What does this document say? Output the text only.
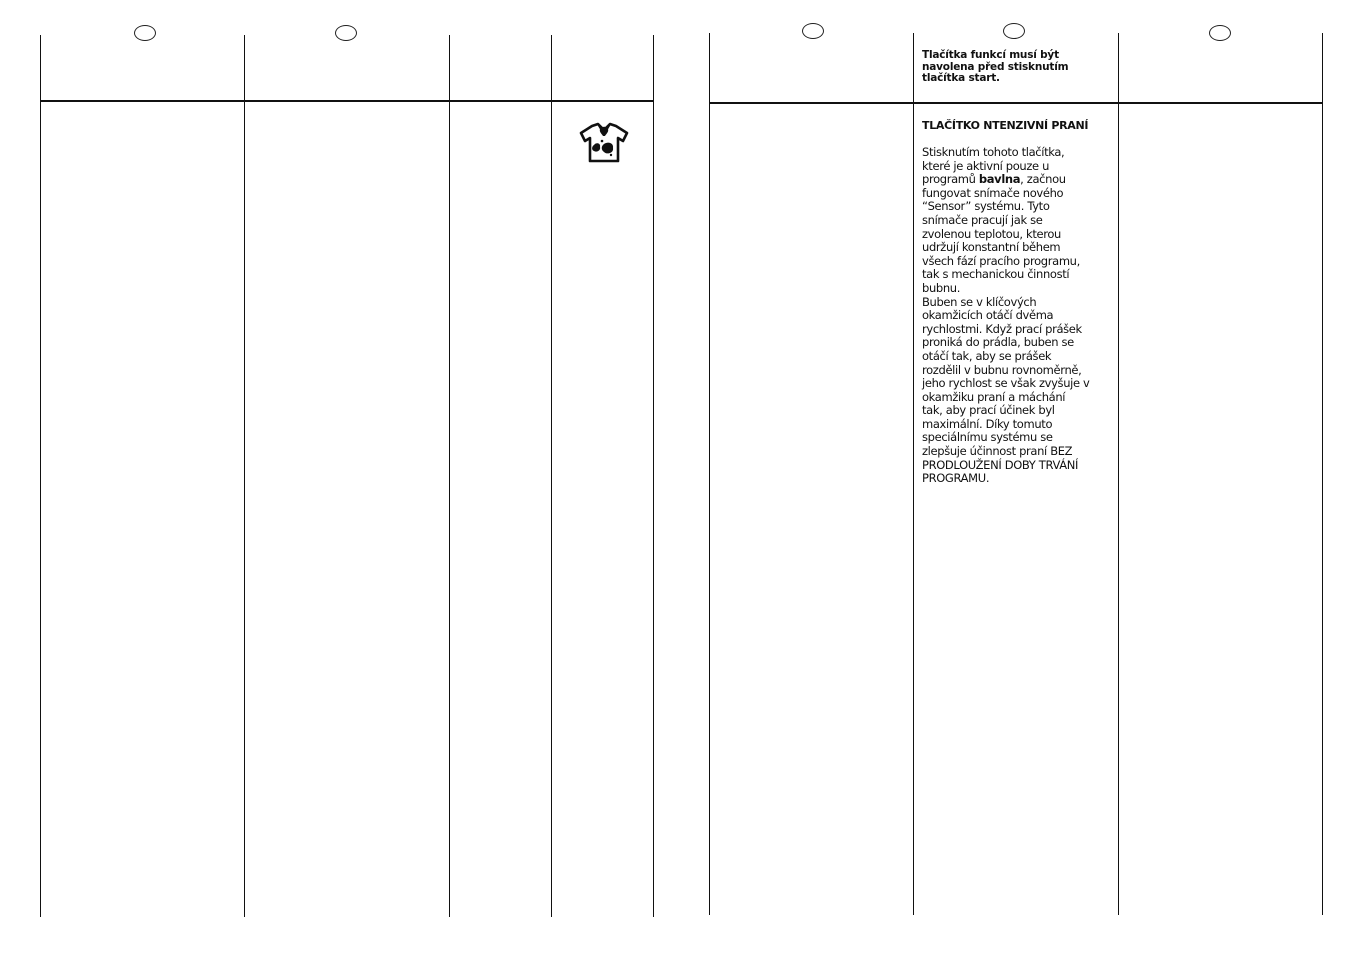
Tlačítka funkcí musí být
navolena před stisknutím
tlačítka start.
TLAČÍTKO NTENZIVNÍ PRANÍ
Stisknutím tohoto tlačítka,
které je aktivní pouze u
programů bavlna, začnou
fungovat snímače nového
“Sensor” systému. Tyto
snímače pracují jak se
zvolenou teplotou, kterou
udržují konstantní během
všech fází pracího programu,
tak s mechanickou činností
bubnu.
Buben se v klíčových
okamžicích otáčí dvěma
rychlostmi. Když prací prášek
proniká do prádla, buben se
otáčí tak, aby se prášek
rozdělil v bubnu rovnoměrně,
jeho rychlost se však zvyšuje v
okamžiku praní a máchání
tak, aby prací účinek byl
maximální. Díky tomuto
speciálnímu systému se
zlepšuje účinnost praní BEZ
PRODLOUŽENÍ DOBY TRVÁNÍ
PROGRAMU.
